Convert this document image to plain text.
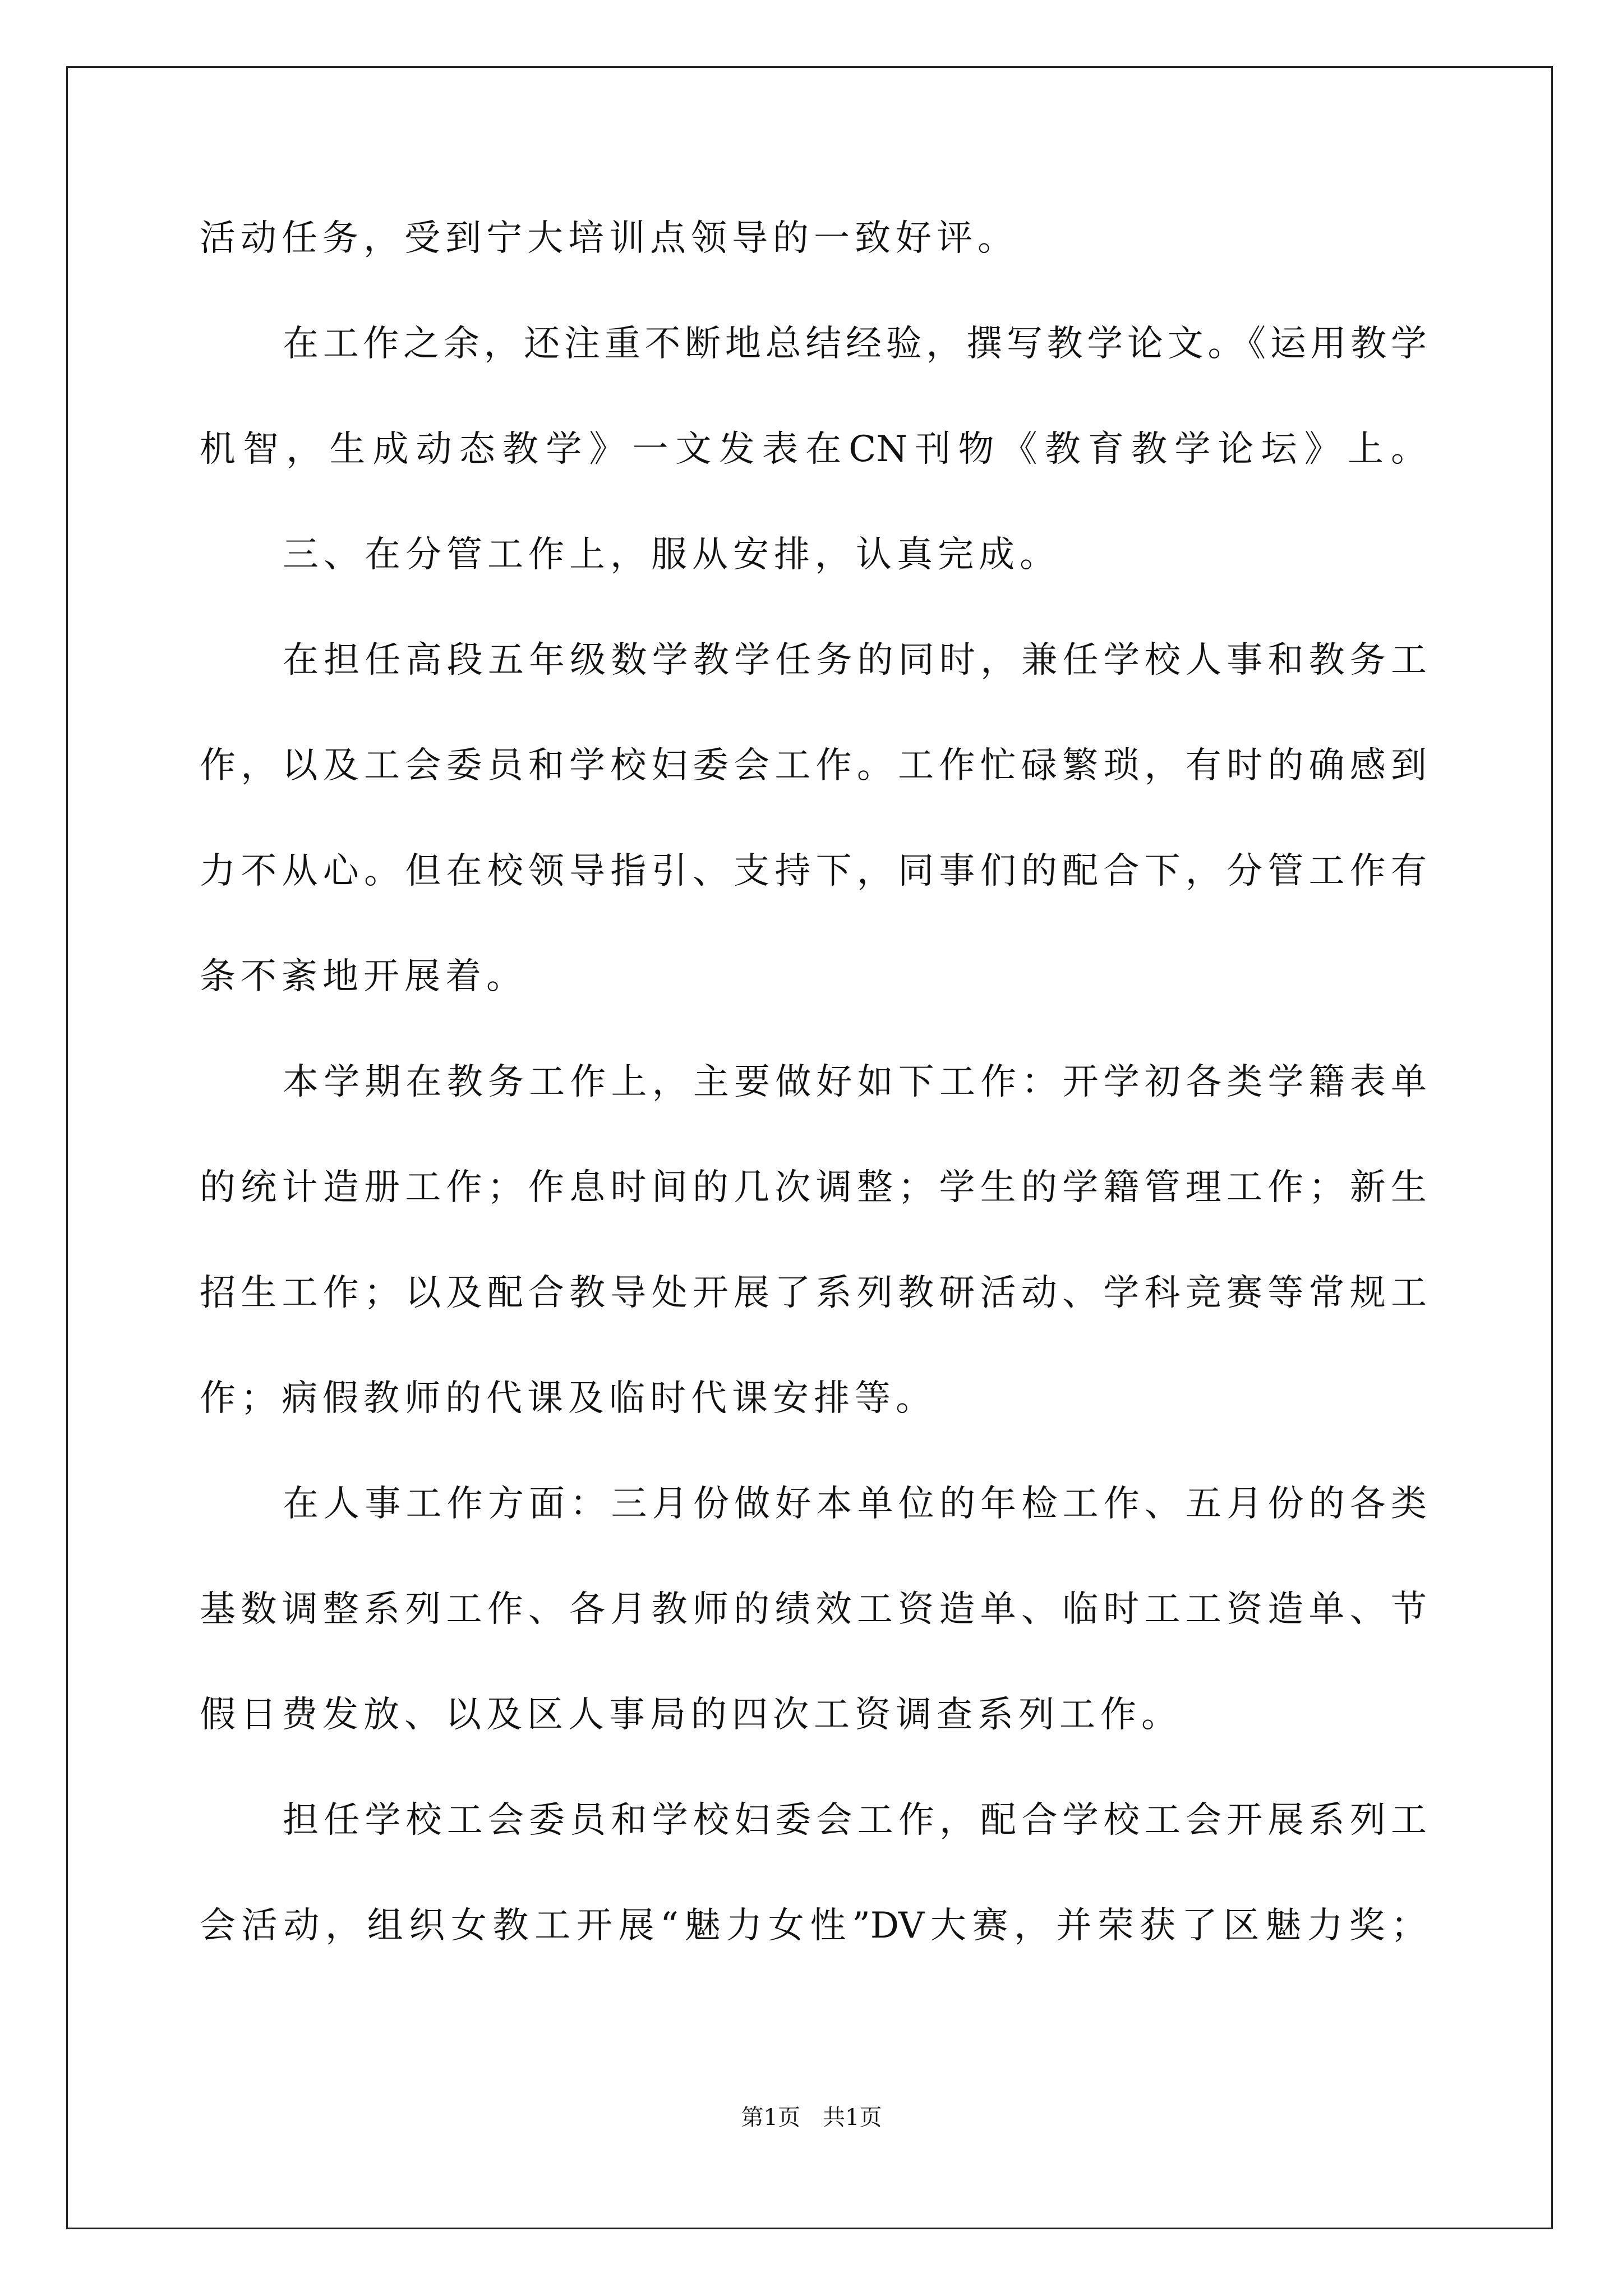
活动任务，受到宁大培训点领导的一致好评。
在工作之余，还注重不断地总结经验，撰写教学论文。《运用教学
机智，生成动态教学》一文发表在CN刊物《教育教学论坛》上。
三、在分管工作上，服从安排，认真完成。
在担任高段五年级数学教学任务的同时，兼任学校人事和教务工
作，以及工会委员和学校妇委会工作。工作忙碌繁琐，有时的确感到
力不从心。但在校领导指引、支持下，同事们的配合下，分管工作有
条不紊地开展着。
本学期在教务工作上，主要做好如下工作：开学初各类学籍表单
的统计造册工作；作息时间的几次调整；学生的学籍管理工作；新生
招生工作；以及配合教导处开展了系列教研活动、学科竞赛等常规工
作；病假教师的代课及临时代课安排等。
在人事工作方面：三月份做好本单位的年检工作、五月份的各类
基数调整系列工作、各月教师的绩效工资造单、临时工工资造单、节
假日费发放、以及区人事局的四次工资调查系列工作。
担任学校工会委员和学校妇委会工作，配合学校工会开展系列工
会活动，组织女教工开展“魅力女性”DV大赛，并荣获了区魅力奖；
第1页　共1页
